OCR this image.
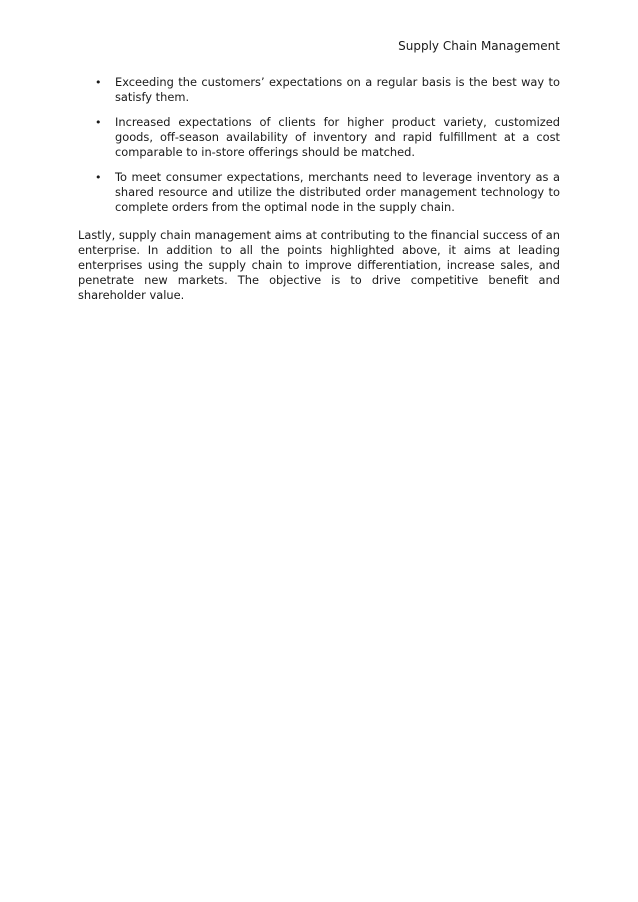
Supply Chain Management
• Exceeding the customers’ expectations on a regular basis is the best way to satisfy them.
• Increased expectations of clients for higher product variety, customized goods, off-season availability of inventory and rapid fulfillment at a cost comparable to in-store offerings should be matched.
• To meet consumer expectations, merchants need to leverage inventory as a shared resource and utilize the distributed order management technology to complete orders from the optimal node in the supply chain.

Lastly, supply chain management aims at contributing to the financial success of an enterprise. In addition to all the points highlighted above, it aims at leading enterprises using the supply chain to improve differentiation, increase sales, and penetrate new markets. The objective is to drive competitive benefit and shareholder value.
